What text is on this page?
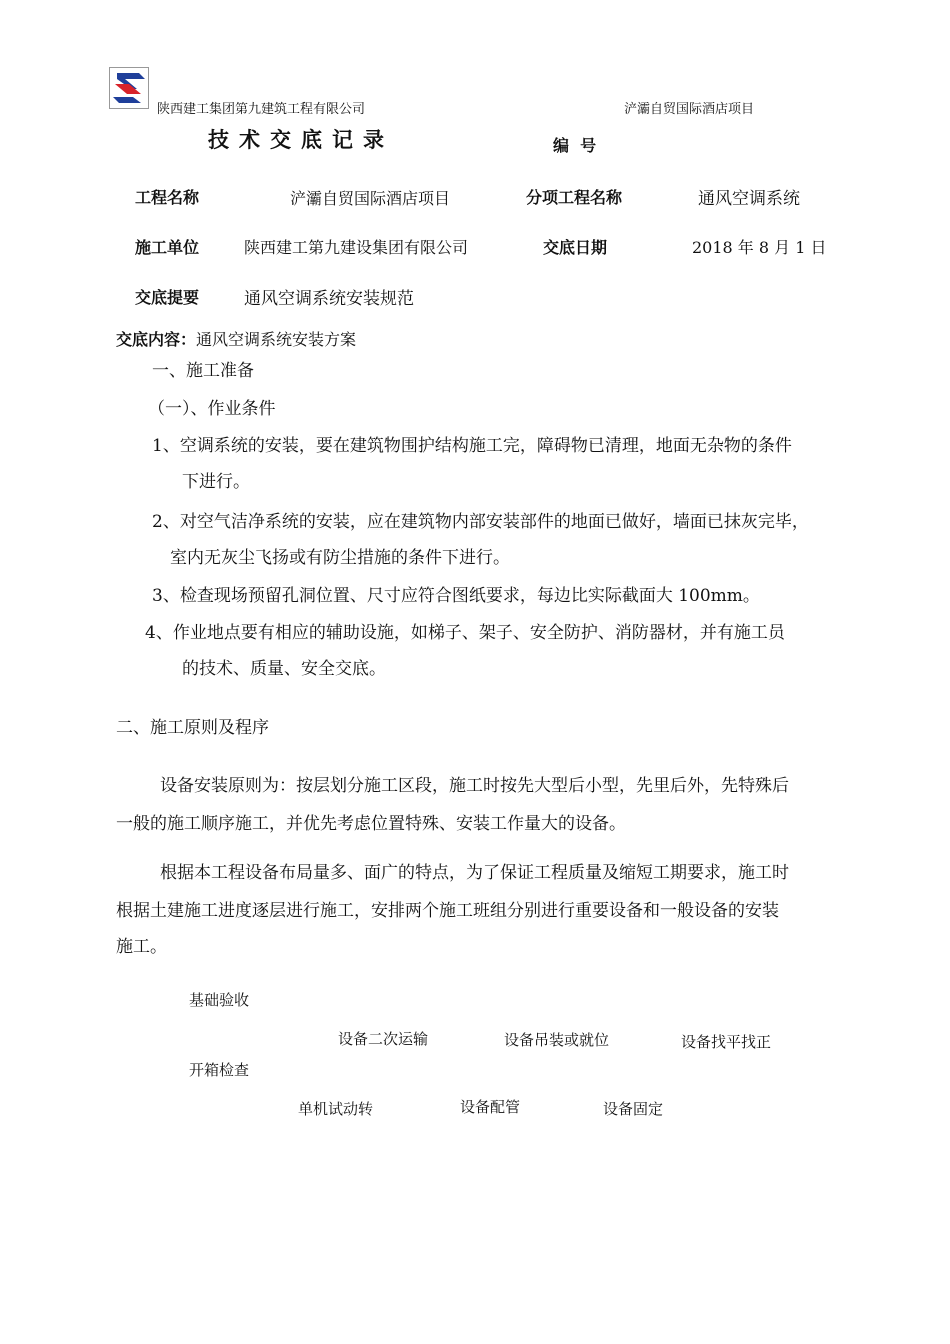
陕西建工集团第九建筑工程有限公司	浐灞自贸国际酒店项目
技术交底记录	编  号
工程名称	浐灞自贸国际酒店项目	分项工程名称	通风空调系统
施工单位	陕西建工第九建设集团有限公司	交底日期	2018 年 8 月 1 日
交底提要	通风空调系统安装规范
交底内容：通风空调系统安装方案
一、施工准备
（一）、作业条件
1、空调系统的安装，要在建筑物围护结构施工完，障碍物已清理，地面无杂物的条件
下进行。
2、对空气洁净系统的安装，应在建筑物内部安装部件的地面已做好，墙面已抹灰完毕，
室内无灰尘飞扬或有防尘措施的条件下进行。
3、检查现场预留孔洞位置、尺寸应符合图纸要求，每边比实际截面大 100mm。
4、作业地点要有相应的辅助设施，如梯子、架子、安全防护、消防器材，并有施工员
的技术、质量、安全交底。
二、施工原则及程序
设备安装原则为：按层划分施工区段，施工时按先大型后小型，先里后外，先特殊后
一般的施工顺序施工，并优先考虑位置特殊、安装工作量大的设备。
根据本工程设备布局量多、面广的特点，为了保证工程质量及缩短工期要求，施工时
根据土建施工进度逐层进行施工，安排两个施工班组分别进行重要设备和一般设备的安装
施工。
基础验收
设备二次运输	设备吊装或就位	设备找平找正
开箱检查
单机试动转	设备配管	设备固定
